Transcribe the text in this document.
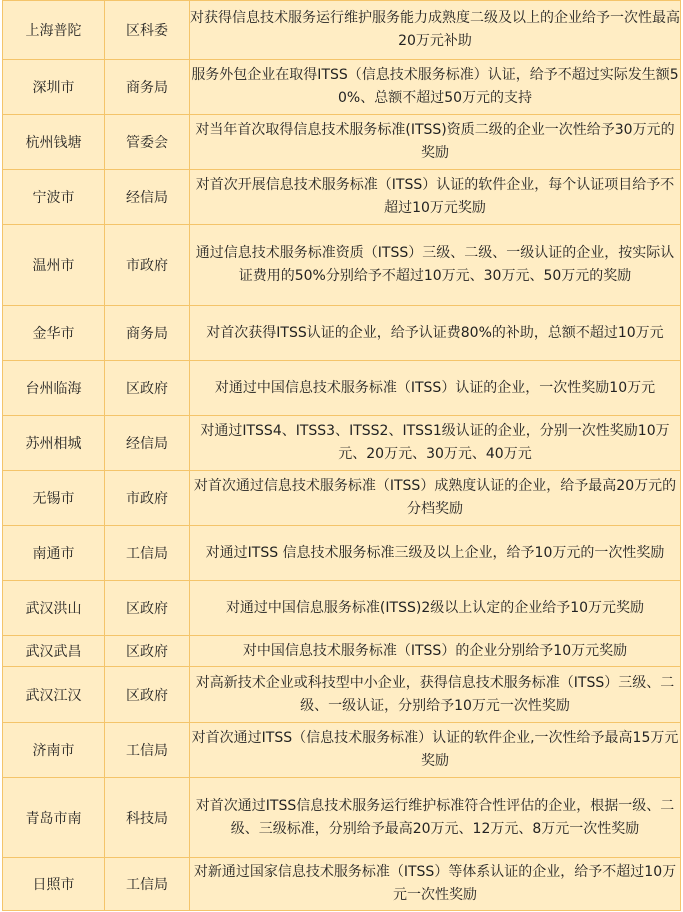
上海普陀	区科委	对获得信息技术服务运行维护服务能力成熟度二级及以上的企业给予一次性最高20万元补助
深圳市	商务局	服务外包企业在取得ITSS（信息技术服务标准）认证，给予不超过实际发生额50%、总额不超过50万元的支持
杭州钱塘	管委会	对当年首次取得信息技术服务标准(ITSS)资质二级的企业一次性给予30万元的奖励
宁波市	经信局	对首次开展信息技术服务标准（ITSS）认证的软件企业，每个认证项目给予不超过10万元奖励
温州市	市政府	通过信息技术服务标准资质（ITSS）三级、二级、一级认证的企业，按实际认证费用的50%分别给予不超过10万元、30万元、50万元的奖励
金华市	商务局	对首次获得ITSS认证的企业，给予认证费80%的补助，总额不超过10万元
台州临海	区政府	对通过中国信息技术服务标准（ITSS）认证的企业，一次性奖励10万元
苏州相城	经信局	对通过ITSS4、ITSS3、ITSS2、ITSS1级认证的企业，分别一次性奖励10万元、20万元、30万元、40万元
无锡市	市政府	对首次通过信息技术服务标准（ITSS）成熟度认证的企业，给予最高20万元的分档奖励
南通市	工信局	对通过ITSS 信息技术服务标准三级及以上企业，给予10万元的一次性奖励
武汉洪山	区政府	对通过中国信息服务标准(ITSS)2级以上认定的企业给予10万元奖励
武汉武昌	区政府	对中国信息技术服务标准（ITSS）的企业分别给予10万元奖励
武汉江汉	区政府	对高新技术企业或科技型中小企业，获得信息技术服务标准（ITSS）三级、二级、一级认证，分别给予10万元一次性奖励
济南市	工信局	对首次通过ITSS（信息技术服务标准）认证的软件企业,一次性给予最高15万元奖励
青岛市南	科技局	对首次通过ITSS信息技术服务运行维护标准符合性评估的企业，根据一级、二级、三级标准，分别给予最高20万元、12万元、8万元一次性奖励
日照市	工信局	对新通过国家信息技术服务标准（ITSS）等体系认证的企业，给予不超过10万元一次性奖励
